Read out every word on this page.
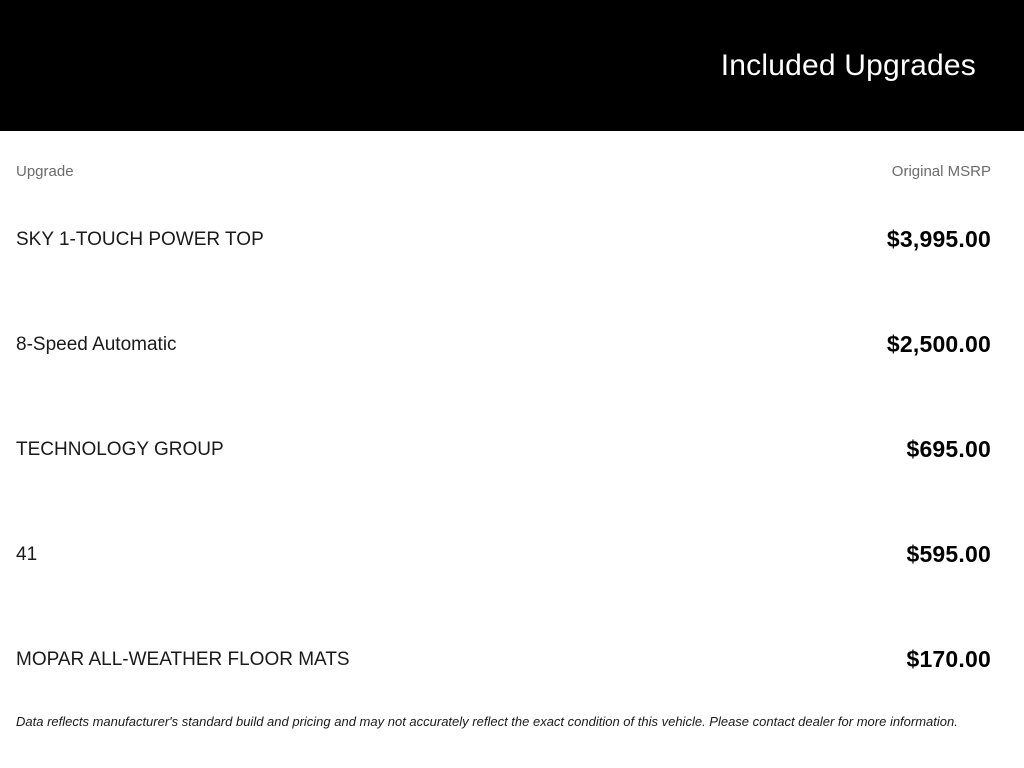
Included Upgrades
Upgrade	Original MSRP
SKY 1-TOUCH POWER TOP	$3,995.00
8-Speed Automatic	$2,500.00
TECHNOLOGY GROUP	$695.00
41	$595.00
MOPAR ALL-WEATHER FLOOR MATS	$170.00

Data reflects manufacturer's standard build and pricing and may not accurately reflect the exact condition of this vehicle. Please contact dealer for more information.
